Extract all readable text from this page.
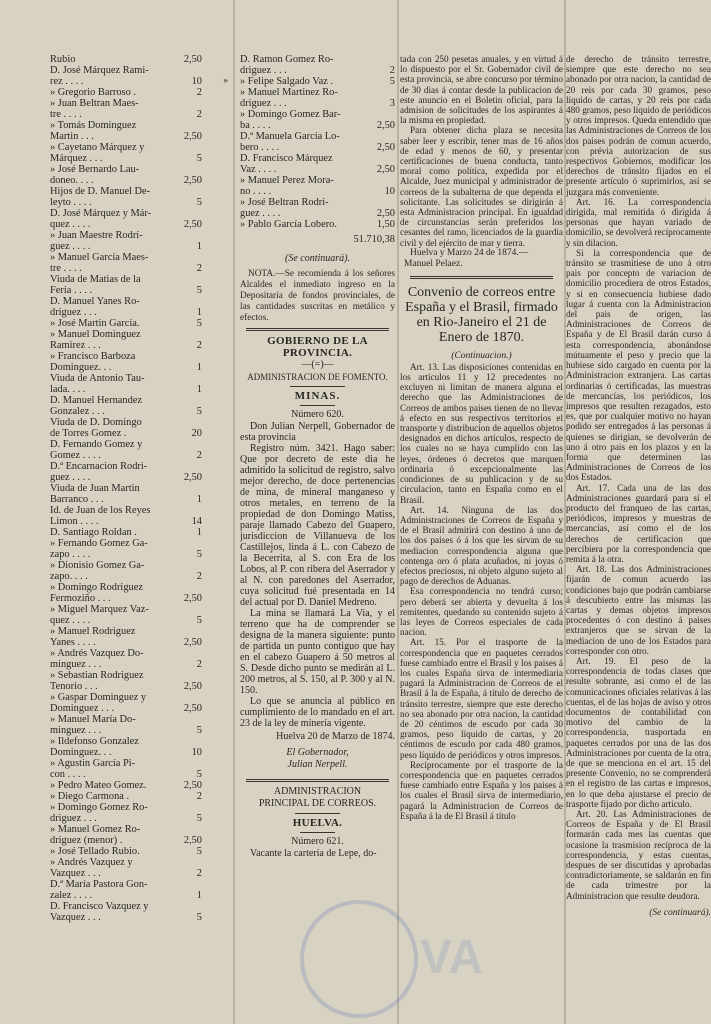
Rubio	2,50
D. José Márquez Rami-
rez . . . .	10	»
» Gregorio Barroso .	2
» Juan Beltran Maes-
tre . . . .	2
» Tomás Dominguez
Martin . . .	2,50
» Cayetano Márquez y
Márquez . . .	5
» José Bernardo Lau-
doneo. . . .	2,50
Hijos de D. Manuel De-
leyto . . . .	5
D. José Márquez y Már-
quez . . . .	2,50
» Juan Maestre Rodrí-
guez . . . .	1
» Manuel García Maes-
tre . . . .	2
Viuda de Matias de la
Feria . . . .	5
D. Manuel Yanes Ro-
driguez . . .	1
» José Martin García.	5
» Manuel Dominguez
Ramirez . . .	2
» Francisco Barboza
Dominguez. . .	1
Viuda de Antonio Tau-
lada. . . .	1
D. Manuel Hernandez
Gonzalez . . .	5
Viuda de D. Domingo
de Torres Gomez .	20
D. Fernando Gomez y
Gomez . . . .	2
D.ª Encarnacion Rodri-
guez . . . .	2,50
Viuda de Juan Martin
Barranco . . .	1
Id. de Juan de los Reyes
Limon . . . .	14
D. Santiago Roldan .	1
» Fernando Gomez Ga-
zapo . . . .	5
» Dionisio Gomez Ga-
zapo. . . .	2
» Domingo Rodriguez
Fermoziño . . .	2,50
» Miguel Marquez Vaz-
quez . . . .	5
» Manuel Rodriguez
Yanes . . . .	2,50
» Andrés Vazquez Do-
minguez . . .	2
» Sebastian Rodriguez
Tenorio . . .	2,50
» Gaspar Dominguez y
Dominguez . . .	2,50
» Manuel María Do-
minguez . . .	5
» Ildefonso Gonzalez
Dominguez. . .	10
» Agustin García Pi-
con . . . .	5
» Pedro Mateo Gomez.	2,50
» Diego Carmona .	2
» Domingo Gomez Ro-
driguez . . .	5
» Manuel Gomez Ro-
driguez (menor) .	2,50
» José Tellado Rubio.	5
» Andrés Vazquez y
Vazquez . . .	2
D.ª María Pastora Gon-
zalez . . . .	1
D. Francisco Vazquez y
Vazquez . . .	5
D. Ramon Gomez Ro-
driguez . . .	2
» Felipe Salgado Vaz .	5
» Manuel Martinez Ro-
driguez . . .	3
» Domingo Gomez Bar-
ba . . . .	2,50
D.ª Manuela García Lo-
bero . . . .	2,50
D. Francisco Márquez
Vaz . . . .	2,50
» Manuel Perez Mora-
no . . . .	10
» José Beltran Rodri-
guez . . . .	2,50
» Pablo García Lobero.	1,50
51.710,38
(Se continuará).

NOTA.—Se recomienda á los señores Alcaldes el inmediato ingreso en la Depositaría de fondos provinciales, de las cantidades suscritas en metálico y efectos.

GOBIERNO DE LA PROVINCIA.
—(=)—
ADMINISTRACION DE FOMENTO.
MINAS.
Número 620.

Don Julian Nerpell, Gobernador de esta provincia

Registro núm. 3421. Hago saber: Que por decreto de este dia he admitido la solicitud de registro, salvo mejor derecho, de doce pertenencias de mina, de mineral manganeso y otros metales, en terreno de la propiedad de don Domingo Matiss, paraje llamado Cabezo del Guapero, jurisdiccion de Villanueva de los Castillejos, linda á L. con Cabezo de la Becerrita, al S. con Era de los Lobos, al P. con ribera del Aserrador y al N. con paredones del Aserrador, cuya solicitud fué presentada en 14 del actual por D. Daniel Medreno.

La mina se llamará La Via, y el terreno que ha de comprender se designa de la manera siguiente: punto de partida un punto contiguo que hay en el cabezo Guapero á 50 metros al S. Desde dicho punto se medirán al L. 200 metros, al S. 150, al P. 300 y al N. 150.

Lo que se anuncia al público en cumplimiento de lo mandado en el art. 23 de la ley de minería vigente.

Huelva 20 de Marzo de 1874.
El Gobernador,
Julian Nerpell.
ADMINISTRACION
PRINCIPAL DE CORREOS.
HUELVA.
Número 621.

Vacante la cartería de Lepe, do-

tada con 250 pesetas anuales, y en virtud á lo dispuesto por el Sr. Gobernador civil de esta provincia, se abre concurso por término de 30 dias á contar desde la publicacion de este anuncio en el Boletin oficial, para la admision de solicitudes de los aspirantes á la misma en propiedad.

Para obtener dicha plaza se necesita saber leer y escribir, tener mas de 16 años de edad y menos de 60, y presentar certificaciones de buena conducta, tanto moral como política, expedida por el Alcalde, Juez municipal y administrador de correos de la subalterna de que dependa el solicitante. Las solicitudes se dirigirán á esta Administracion principal. En igualdad de circunstancias serán preferidos los cesantes del ramo, licenciados de la guardia civil y del ejército de mar y tierra.

Huelva y Marzo 24 de 1874.—
Manuel Pelaez.
Convenio de correos entre España y el Brasil, firmado en Rio-Janeiro el 21 de Enero de 1870.
(Continuacion.)

Art. 13. Las disposiciones contenidas en los artículos 11 y 12 precedentes no excluyen ni limitan de manera alguna el derecho que las Administraciones de Correos de ambos paises tienen de no llevar á efecto en sus respectivos territorios el transporte y distribucion de aquellos objetos designados en dichos artículos, respecto de los cuales no se haya cumplido con las leyes, órdenes ó decretos que marquen ordinaria ó excepcionalmente las condiciones de su publicacion y de su circulacion, tanto en España como en el Brasil.

Art. 14. Ninguna de las dos Administraciones de Correos de España y de el Brasil admitirá con destino á uno de los dos paises ó á los que les sirvan de su mediacion correspondencia alguna que contenga oro ó plata acuñados, ni joyas ó efectos preciosos, ni objeto alguno sujeto al pago de derechos de Aduanas.

Esa correspondencia no tendrá curso; pero deberá ser abierta y devuelta á los remitentes, quedando su contenido sujeto á las leyes de Correos especiales de cada nacion.

Art. 15. Por el trasporte de la correspondencia que en paquetes cerrados fuese cambiado entre el Brasil y los paises á los cuales España sirva de intermediaria pagará la Administracion de Correos de el Brasil á la de España, á título de derecho de tránsito terrestre, siempre que este derecho no sea abonado por otra nacion, la cantidad de 20 céntimos de escudo por cada 30 gramos, peso líquido de cartas, y 20 céntimos de escudo por cada 480 gramos, peso líquido de periódicos y otros impresos.

Recíprocamente por el trasporte de la correspondencia que en paquetes cerrados fuese cambiado entre España y los paises á los cuales el Brasil sirva de intermediario, pagará la Administracion de Correos de España á la de El Brasil á título

de derecho de tránsito terrestre, siempre que este derecho no sea abonado por otra nacion, la cantidad de 20 reis por cada 30 gramos, peso líquido de cartas, y 20 reis por cada 480 gramos, peso líquido de periódicos y otros impresos. Queda entendido que las Administraciones de Correos de los dos paises podrán de comun acuerdo, con prévia autorizacion de sus respectivos Gobiernos, modificar los derechos de tránsito fijados en el presente artículo ó suprimirlos, así se juzgara más conveniente.

Art. 16. La correspondencia dirigida, mal remitida ó dirigida á personas que hayan variado de domicilio, se devolverá recíprocamente y sin dilacion.

Si la correspondencia que de tránsito se trasmitiese de uno á otro pais por concepto de variacion de domicilio procediera de otros Estados, y si en consecuencia hubiese dado lugar á cuenta con la Administracion del pais de origen, las Administraciones de Correos de España y de El Brasil darán curso á esta correspondencia, abonándose mútuamente el peso y precio que la hubiese sido cargado en cuenta por la Administracion extranjera. Las cartas ordinarias ó certificadas, las muestras de mercancías, los periódicos, los impresos que resulten rezagados, esto es, que por cualquier motivo no hayan podido ser entregados á las personas á quienes se dirigian, se devolverán de uno á otro pais en los plazos y en la forma que determinen las Administraciones de Correos de los dos Estados.

Art. 17. Cada una de las dos Administraciones guardará para sí el producto del franqueo de las cartas, periódicos, impresos y muestras de mercancías, así como el de los derechos de certificacion que percibiera por la correspondencia que remita á la otra.

Art. 18. Las dos Administraciones fijarán de comun acuerdo las condiciones bajo que podrán cambiarse á descubierto entre las mismas las cartas y demas objetos impresos procedentes ó con destino á paises extranjeros que se sirvan de la mediacion de uno de los Estados para corresponder con otro.

Art. 19. El peso de la correspondencia de todas clases que resulte sobrante, así como el de las comunicaciones oficiales relativas á las cuentas, el de las hojas de aviso y otros documentos de contabilidad con motivo del cambio de la correspondencia, trasportada en paquetes cerrados por una de las dos Administraciones por cuenta de la otra, de que se menciona en el art. 15 del presente Convenio, no se comprenderá en el registro de las cartas e impresos, en lo que deba ajustarse el precio de trasporte fijado por dicho artículo.

Art. 20. Las Administraciones de Correos de España y de El Brasil formarán cada mes las cuentas que ocasione la trasmision recíproca de la correspondencia, y estas cuentas, despues de ser discutidas y aprobadas contradictoriamente, se saldarán en fin de cada trimestre por la Administracion que resulte deudora.

(Se continuará).
VA
